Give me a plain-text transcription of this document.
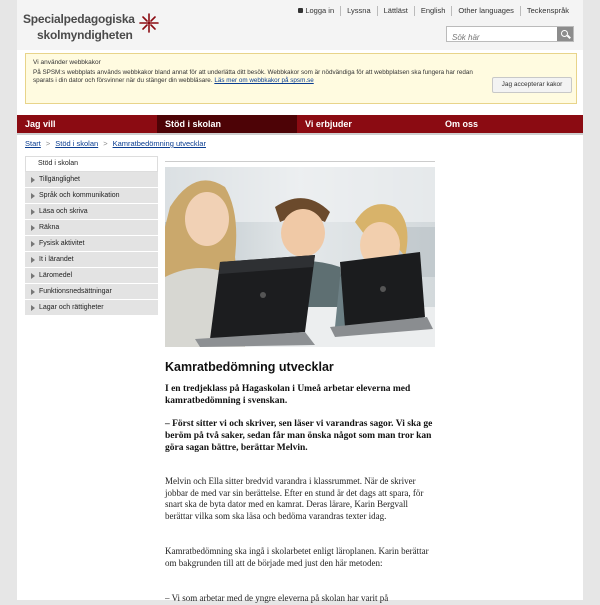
Specialpedagogiska
skolmyndigheten
Logga in	Lyssna	Lättläst	English	Other languages	Teckenspråk
Sök här
Vi använder webbkakor
På SPSM:s webbplats används webbkakor bland annat för att underlätta ditt besök. Webbkakor som är nödvändiga för att webbplatsen ska fungera har redan sparats i din dator och försvinner när du stänger din webbläsare. Läs mer om webbkakor på spsm.se
Jag accepterar kakor
Jag vill	Stöd i skolan	Vi erbjuder	Om oss
Start > Stöd i skolan > Kamratbedömning utvecklar
Stöd i skolan
Tillgänglighet
Språk och kommunikation
Läsa och skriva
Räkna
Fysisk aktivitet
It i lärandet
Läromedel
Funktionsnedsättningar
Lagar och rättigheter
Kamratbedömning utvecklar
I en tredjeklass på Hagaskolan i Umeå arbetar eleverna med kamratbedömning i svenskan.
– Först sitter vi och skriver, sen läser vi varandras sagor. Vi ska ge beröm på två saker, sedan får man önska något som man tror kan göra sagan bättre, berättar Melvin.
Melvin och Ella sitter bredvid varandra i klassrummet. När de skriver jobbar de med var sin berättelse. Efter en stund är det dags att spara, för snart ska de byta dator med en kamrat. Deras lärare, Karin Bergvall berättar vilka som ska läsa och bedöma varandras texter idag.
Kamratbedömning ska ingå i skolarbetet enligt läroplanen. Karin berättar om bakgrunden till att de började med just den här metoden:
– Vi som arbetar med de yngre eleverna på skolan har varit på
